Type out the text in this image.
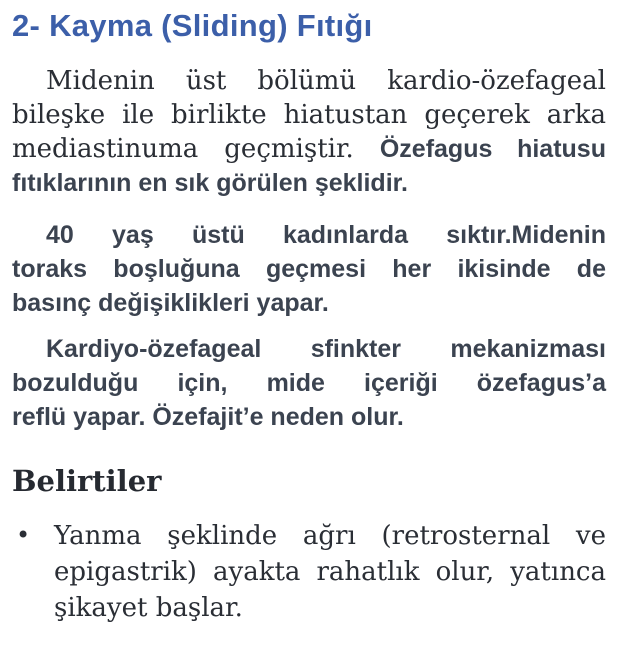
2- Kayma (Sliding) Fıtığı
Midenin üst bölümü kardio-özefageal
bileşke ile birlikte hiatustan geçerek arka
mediastinuma geçmiştir. Özefagus hiatusu
fıtıklarının en sık görülen şeklidir.
40 yaş üstü kadınlarda sıktır.Midenin
toraks boşluğuna geçmesi her ikisinde de
basınç değişiklikleri yapar.
Kardiyo-özefageal sfinkter mekanizması
bozulduğu için, mide içeriği özefagus’a
reflü yapar. Özefajit’e neden olur.
Belirtiler
• Yanma şeklinde ağrı (retrosternal ve
epigastrik) ayakta rahatlık olur, yatınca
şikayet başlar.
